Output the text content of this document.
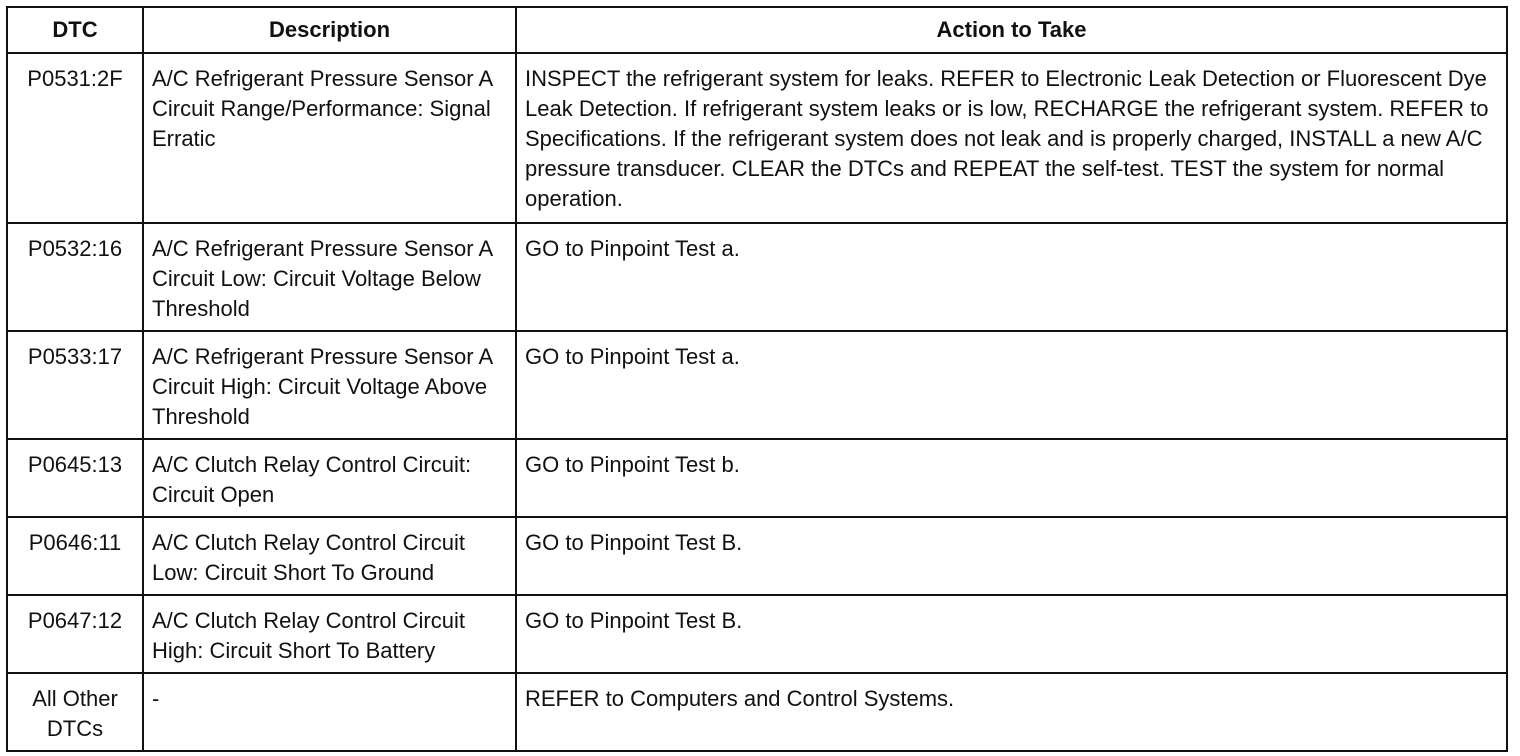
DTC	Description	Action to Take
P0531:2F	A/C Refrigerant Pressure Sensor A Circuit Range/Performance: Signal Erratic	INSPECT the refrigerant system for leaks. REFER to Electronic Leak Detection or Fluorescent Dye Leak Detection. If refrigerant system leaks or is low, RECHARGE the refrigerant system. REFER to Specifications. If the refrigerant system does not leak and is properly charged, INSTALL a new A/C pressure transducer. CLEAR the DTCs and REPEAT the self-test. TEST the system for normal operation.
P0532:16	A/C Refrigerant Pressure Sensor A Circuit Low: Circuit Voltage Below Threshold	GO to Pinpoint Test a.
P0533:17	A/C Refrigerant Pressure Sensor A Circuit High: Circuit Voltage Above Threshold	GO to Pinpoint Test a.
P0645:13	A/C Clutch Relay Control Circuit: Circuit Open	GO to Pinpoint Test b.
P0646:11	A/C Clutch Relay Control Circuit Low: Circuit Short To Ground	GO to Pinpoint Test B.
P0647:12	A/C Clutch Relay Control Circuit High: Circuit Short To Battery	GO to Pinpoint Test B.
All Other DTCs	-	REFER to Computers and Control Systems.
